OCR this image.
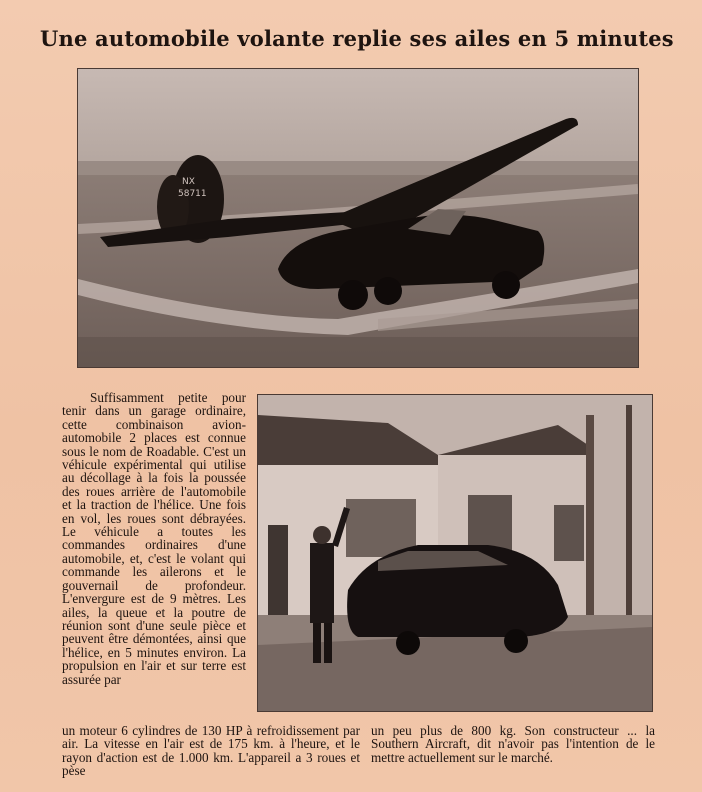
Une automobile volante replie ses ailes en 5 minutes
NX
58711
Suffisamment petite pour tenir dans un garage ordinaire, cette combinaison avion-automobile 2 places est connue sous le nom de Roadable. C'est un véhicule expérimental qui utilise au décollage à la fois la poussée des roues arrière de l'automobile et la traction de l'hélice. Une fois en vol, les roues sont débrayées. Le véhicule a toutes les commandes ordinaires d'une automobile, et, c'est le volant qui commande les ailerons et le gouvernail de profondeur. L'envergure est de 9 mètres. Les ailes, la queue et la poutre de réunion sont d'une seule pièce et peuvent être démontées, ainsi que l'hélice, en 5 minutes environ. La propulsion en l'air et sur terre est assurée par
un moteur 6 cylindres de 130 HP à refroidissement par air. La vitesse en l'air est de 175 km. à l'heure, et le rayon d'action est de 1.000 km. L'appareil a 3 roues et pèse
un peu plus de 800 kg. Son constructeur ... la Southern Aircraft, dit n'avoir pas l'intention de le mettre actuellement sur le marché.
